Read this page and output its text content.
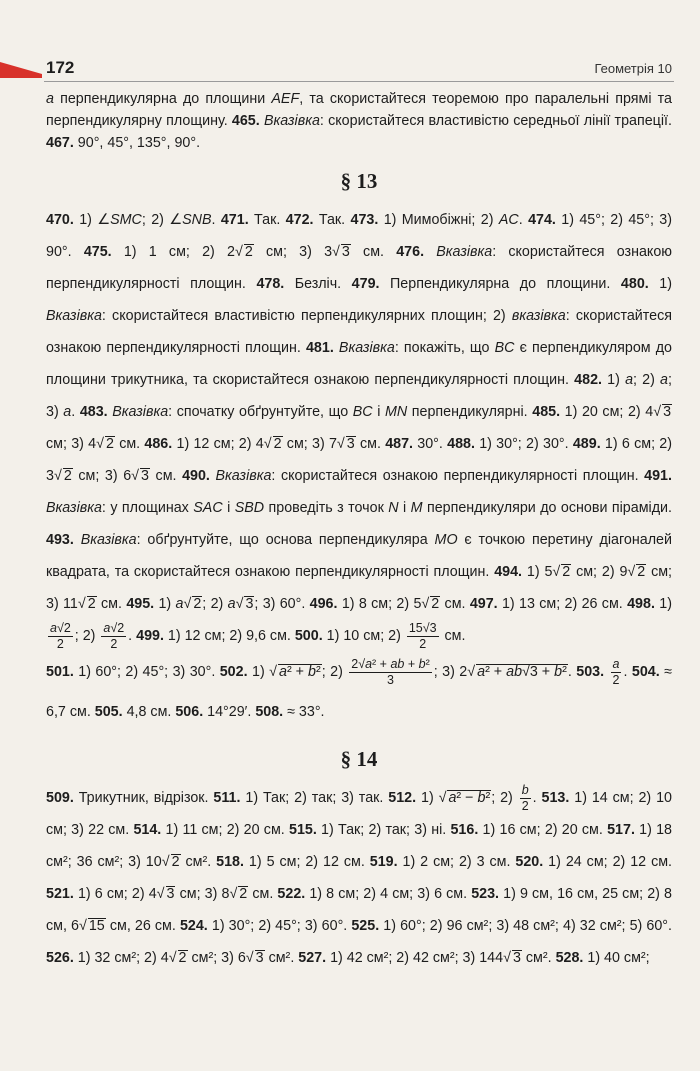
172	Геометрія 10

a перпендикулярна до площини AEF, та скористайтеся теоремою про паралельні прямі та перпендикулярну площину. 465. Вказівка: скористайтеся властивістю середньої лінії трапеції. 467. 90°, 45°, 135°, 90°.

§ 13

470. 1) ∠SMC; 2) ∠SNB. 471. Так. 472. Так. 473. 1) Мимобіжні; 2) AC. 474. 1) 45°; 2) 45°; 3) 90°. 475. 1) 1 см; 2) 2 √ 2 см; 3) 3 √ 3 см. 476. Вказівка: скористайтеся ознакою перпендикулярності площин. 478. Безліч. 479. Перпендикулярна до площини. 480. 1) Вказівка: скористайтеся властивістю перпендикулярних площин; 2) вказівка: скористайтеся ознакою перпендикулярності площин. 481. Вказівка: покажіть, що BC є перпендикуляром до площини трикутника, та скористайтеся ознакою перпендикулярності площин. 482. 1) a; 2) a; 3) a. 483. Вказівка: спочатку обґрунтуйте, що BC і MN перпендикулярні. 485. 1) 20 см; 2) 4√ 3 см; 3) 4 √ 2 см. 486. 1) 12 см; 2) 4 √ 2 см; 3) 7 √ 3 см. 487. 30°. 488. 1) 30°; 2) 30°. 489. 1) 6 см; 2) 3 √ 2 см; 3) 6 √ 3 см. 490. Вказівка: скористайтеся ознакою перпендикулярності площин. 491. Вказівка: у площинах SAC і SBD проведіть з точок N і M перпендикуляри до основи піраміди. 493. Вказівка: обґрунтуйте, що основа перпендикуляра MO є точкою перетину діагоналей квадрата, та скористайтеся ознакою перпендикулярності площин. 494. 1) 5 √ 2 см; 2) 9 √ 2 см; 3) 11 √ 2 см. 495. 1) a √ 2; 2) a √ 3; 3) 60°. 496. 1) 8 см; 2) 5 √ 2 см. 497. 1) 13 см; 2) 26 см. 498. 1)
$\frac{a√2}{2}$ ; $2) \frac{a√2}{2}$ . 499. 1) 12 см; 2) 9,6 см. 500. 1) 10 см; $2) \frac{15√3}{2}$ см.

501. 1) 60°; 2) 45°; 3) 30°. 502. 1) √ a² + b²; $2) \frac{\text{2√a² + ab + b²}}{3}$ ; 3) 2 √ a² + ab√3 + b². 503. $\frac{a}{2}$ . 504. ≈ 6,7 см. 505. 4,8 см. 506. 14°29′. 508. ≈ 33°.

§ 14

509. Трикутник, відрізок. 511. 1) Так; 2) так; 3) так. 512. 1) √ a² − b²; $2) \frac{b}{2}$ . 513. 1) 14 см; 2) 10 см; 3) 22 см. 514. 1) 11 см; 2) 20 см. 515. 1) Так; 2) так; 3) ні. 516. 1) 16 см; 2) 20 см. 517. 1) 18 см²; 36 см²; 3) 10 √ 2 см². 518. 1) 5 см; 2) 12 см. 519. 1) 2 см; 2) 3 см. 520. 1) 24 см; 2) 12 см. 521. 1) 6 см; 2) 4 √ 3 см; 3) 8 √ 2 см. 522. 1) 8 см; 2) 4 см; 3) 6 см. 523. 1) 9 см, 16 см, 25 см; 2) 8 см, 6 √ 15 см, 26 см. 524. 1) 30°; 2) 45°; 3) 60°. 525. 1) 60°; 2) 96 см²; 3) 48 см²; 4) 32 см²; 5) 60°. 526. 1) 32 см²; 2) 4 √ 2 см²; 3) 6 √ 3 см². 527. 1) 42 см²; 2) 42 см²; 3) 144 √ 3 см². 528. 1) 40 см²;
